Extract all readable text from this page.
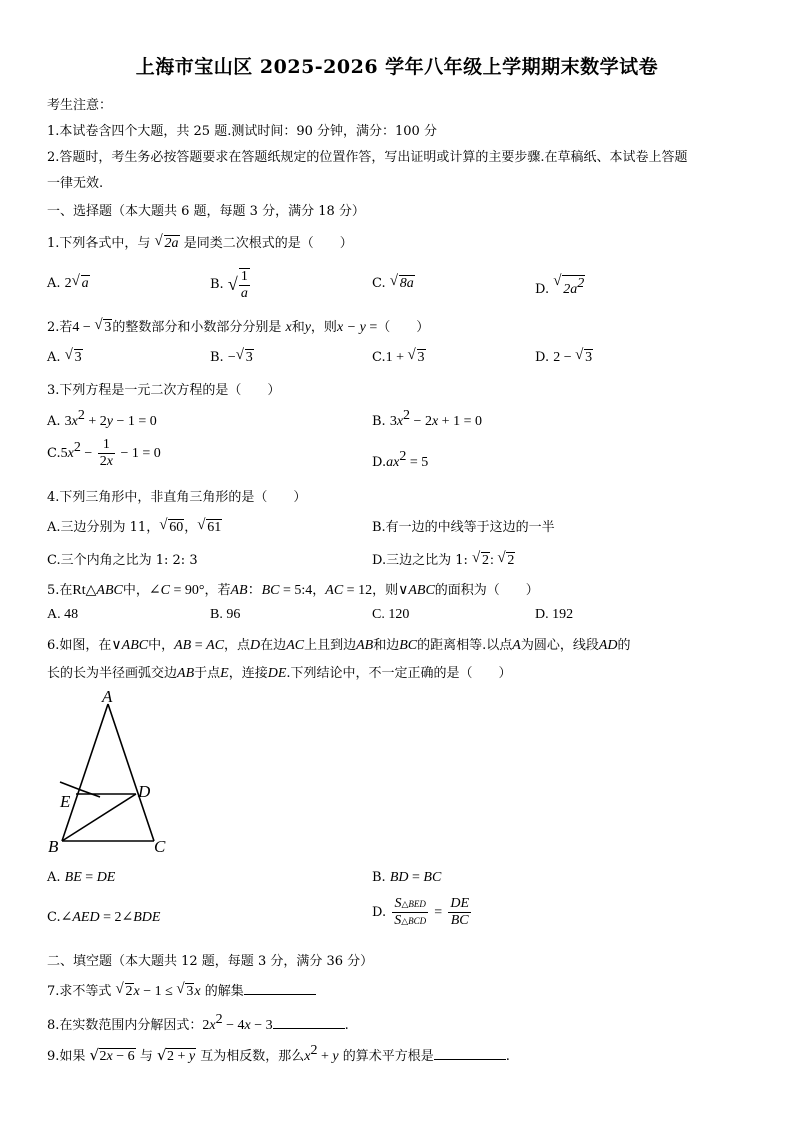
上海市宝山区 2025-2026 学年八年级上学期期末数学试卷
考生注意：
1.本试卷含四个大题，共 25 题.测试时间：90 分钟，满分：100 分
2.答题时，考生务必按答题要求在答题纸规定的位置作答，写出证明或计算的主要步骤.在草稿纸、本试卷上答题
一律无效.
一、选择题（本大题共 6 题，每题 3 分，满分 18 分）
1.下列各式中，与 √ 2a 是同类二次根式的是（　　）
A. 2 √ a	B. √ $\frac{1}{a}$	C. √ 8a	D.
√
$2a^2$
2.若4 − √ 3的整数部分和小数部分分别是 x和y，则x − y =（　　）
A. √ 3	B. − √ 3	C.1 + √ 3	D. 2 − √ 3
3.下列方程是一元二次方程的是（　　）
A. $3x^2 + 2y - 1 = 0$	B. $3x^2 - 2x + 1 = 0$
$C.5x^2 - \frac{1}{2x} - 1 = 0$
$D.ax^2 = 5$
4.下列三角形中，非直角三角形的是（　　）
A.三边分别为 11， √ 60， √ 61	B.有一边的中线等于这边的一半
C.三个内角之比为 1: 2: 3	D.三边之比为 1: √ 2: √ 2
5.在Rt△ABC中，∠C = 90°，若AB：BC = 5:4，AC = 12，则∨ABC的面积为（　　）
A. 48	B. 96	C. 120	D. 192
6.如图，在∨ABC中，AB = AC，点D在边AC上且到边AB和边BC的距离相等.以点A为圆心，线段AD的
长的长为半径画弧交边AB于点E，连接DE.下列结论中，不一定正确的是（　　）
A
B	C
D
E
A. BE = DE	B. BD = BC
C.∠AED = 2∠BDE	D. $\frac{\text{S△BED}}{\text{S△BCD}} = \frac{DE}{BC}$
二、填空题（本大题共 12 题，每题 3 分，满分 36 分）
7.求不等式 √ 2x − 1 ≤ √ 3x 的解集
8.在实数范围内分解因式：$2x^2 - 4x - 3$	.
9.如果 √ 2x − 6 与 √ 2 + y 互为相反数，那么$x^2 + y$ 的算术平方根是	.
